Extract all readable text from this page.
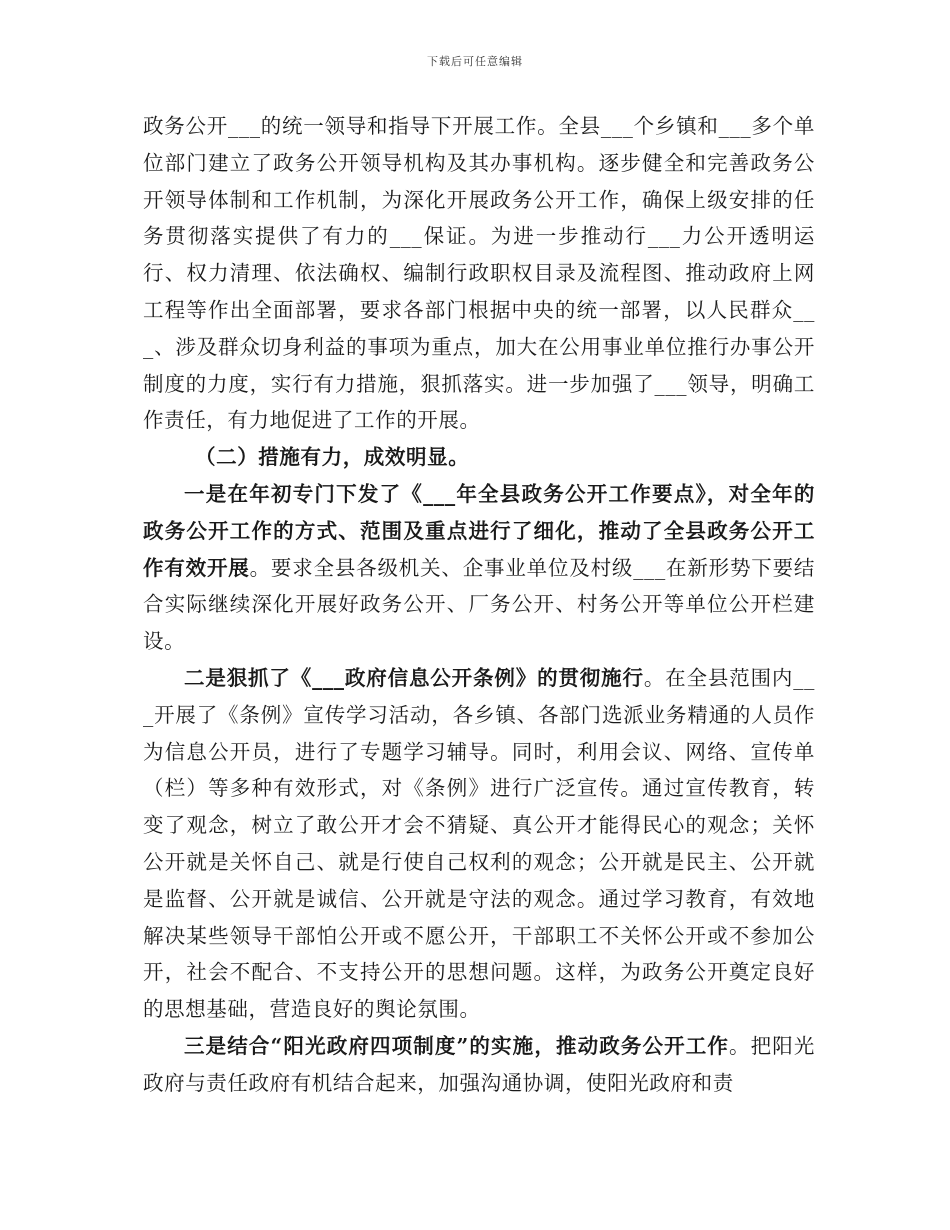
下载后可任意编辑

政务公开___的统一领导和指导下开展工作。全县___个乡镇和___多个单位部门建立了政务公开领导机构及其办事机构。逐步健全和完善政务公开领导体制和工作机制，为深化开展政务公开工作，确保上级安排的任务贯彻落实提供了有力的___保证。为进一步推动行___力公开透明运行、权力清理、依法确权、编制行政职权目录及流程图、推动政府上网工程等作出全面部署，要求各部门根据中央的统一部署，以人民群众___、涉及群众切身利益的事项为重点，加大在公用事业单位推行办事公开制度的力度，实行有力措施，狠抓落实。进一步加强了___领导，明确工作责任，有力地促进了工作的开展。

（二）措施有力，成效明显。

一是在年初专门下发了《___年全县政务公开工作要点》，对全年的政务公开工作的方式、范围及重点进行了细化，推动了全县政务公开工作有效开展。要求全县各级机关、企事业单位及村级___在新形势下要结合实际继续深化开展好政务公开、厂务公开、村务公开等单位公开栏建设。

二是狠抓了《___政府信息公开条例》的贯彻施行。在全县范围内___开展了《条例》宣传学习活动，各乡镇、各部门选派业务精通的人员作为信息公开员，进行了专题学习辅导。同时，利用会议、网络、宣传单（栏）等多种有效形式，对《条例》进行广泛宣传。通过宣传教育，转变了观念，树立了敢公开才会不猜疑、真公开才能得民心的观念；关怀公开就是关怀自己、就是行使自己权利的观念；公开就是民主、公开就是监督、公开就是诚信、公开就是守法的观念。通过学习教育，有效地解决某些领导干部怕公开或不愿公开，干部职工不关怀公开或不参加公开，社会不配合、不支持公开的思想问题。这样，为政务公开奠定良好的思想基础，营造良好的舆论氛围。

三是结合“阳光政府四项制度”的实施，推动政务公开工作。把阳光政府与责任政府有机结合起来，加强沟通协调，使阳光政府和责
